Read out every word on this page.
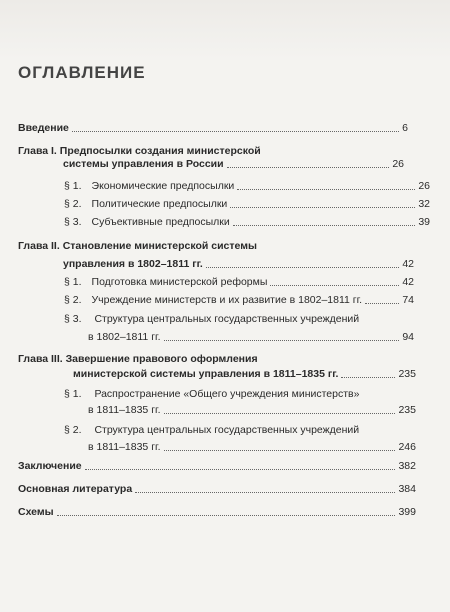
ОГЛАВЛЕНИЕ
Введение	6
Глава I. Предпосылки создания министерской
системы управления в России	26
§ 1. Экономические предпосылки	26
§ 2. Политические предпосылки	32
§ 3. Субъективные предпосылки	39
Глава II. Становление министерской системы
управления в 1802–1811 гг.	42
§ 1. Подготовка министерской реформы	42
§ 2. Учреждение министерств и их развитие в 1802–1811 гг.	74
§ 3. Структура центральных государственных учреждений
в 1802–1811 гг.	94
Глава III. Завершение правового оформления
министерской системы управления в 1811–1835 гг.	235
§ 1. Распространение «Общего учреждения министерств»
в 1811–1835 гг.	235
§ 2. Структура центральных государственных учреждений
в 1811–1835 гг.	246
Заключение	382
Основная литература	384
Схемы	399
